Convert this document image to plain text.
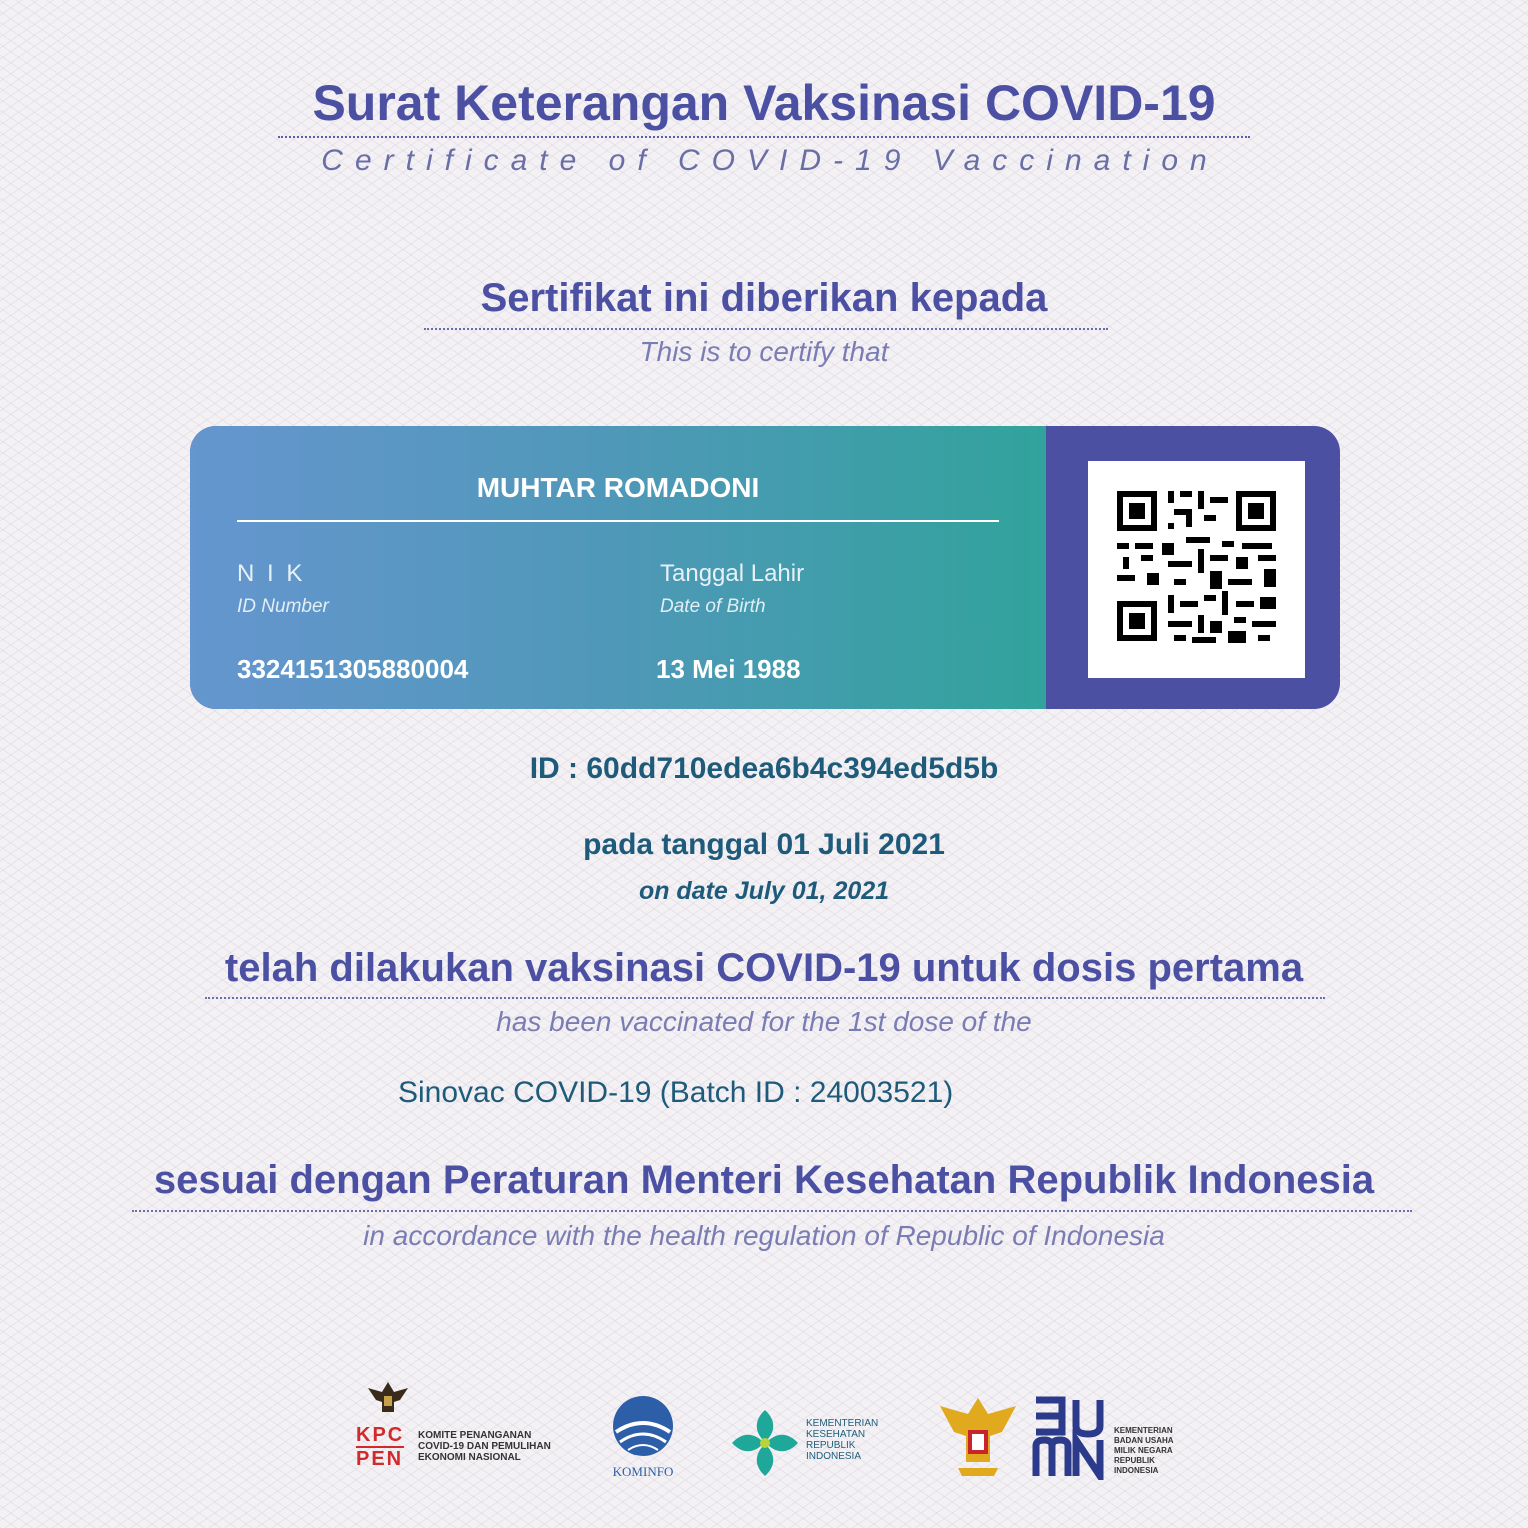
Surat Keterangan Vaksinasi COVID-19
Certificate of COVID-19 Vaccination
Sertifikat ini diberikan kepada
This is to certify that
MUHTAR ROMADONI
N I K
ID Number
3324151305880004
Tanggal Lahir
Date of Birth
13 Mei 1988
ID : 60dd710edea6b4c394ed5d5b
pada tanggal 01 Juli 2021
on date July 01, 2021
telah dilakukan vaksinasi COVID-19 untuk dosis pertama
has been vaccinated for the 1st dose of the
Sinovac COVID-19 (Batch ID : 24003521)
sesuai dengan Peraturan Menteri Kesehatan Republik Indonesia
in accordance with the health regulation of Republic of Indonesia
KPC
PEN
KOMITE PENANGANAN
COVID-19 DAN PEMULIHAN
EKONOMI NASIONAL
KOMINFO
KEMENTERIAN
KESEHATAN
REPUBLIK
INDONESIA
KEMENTERIAN
BADAN USAHA
MILIK NEGARA
REPUBLIK
INDONESIA
